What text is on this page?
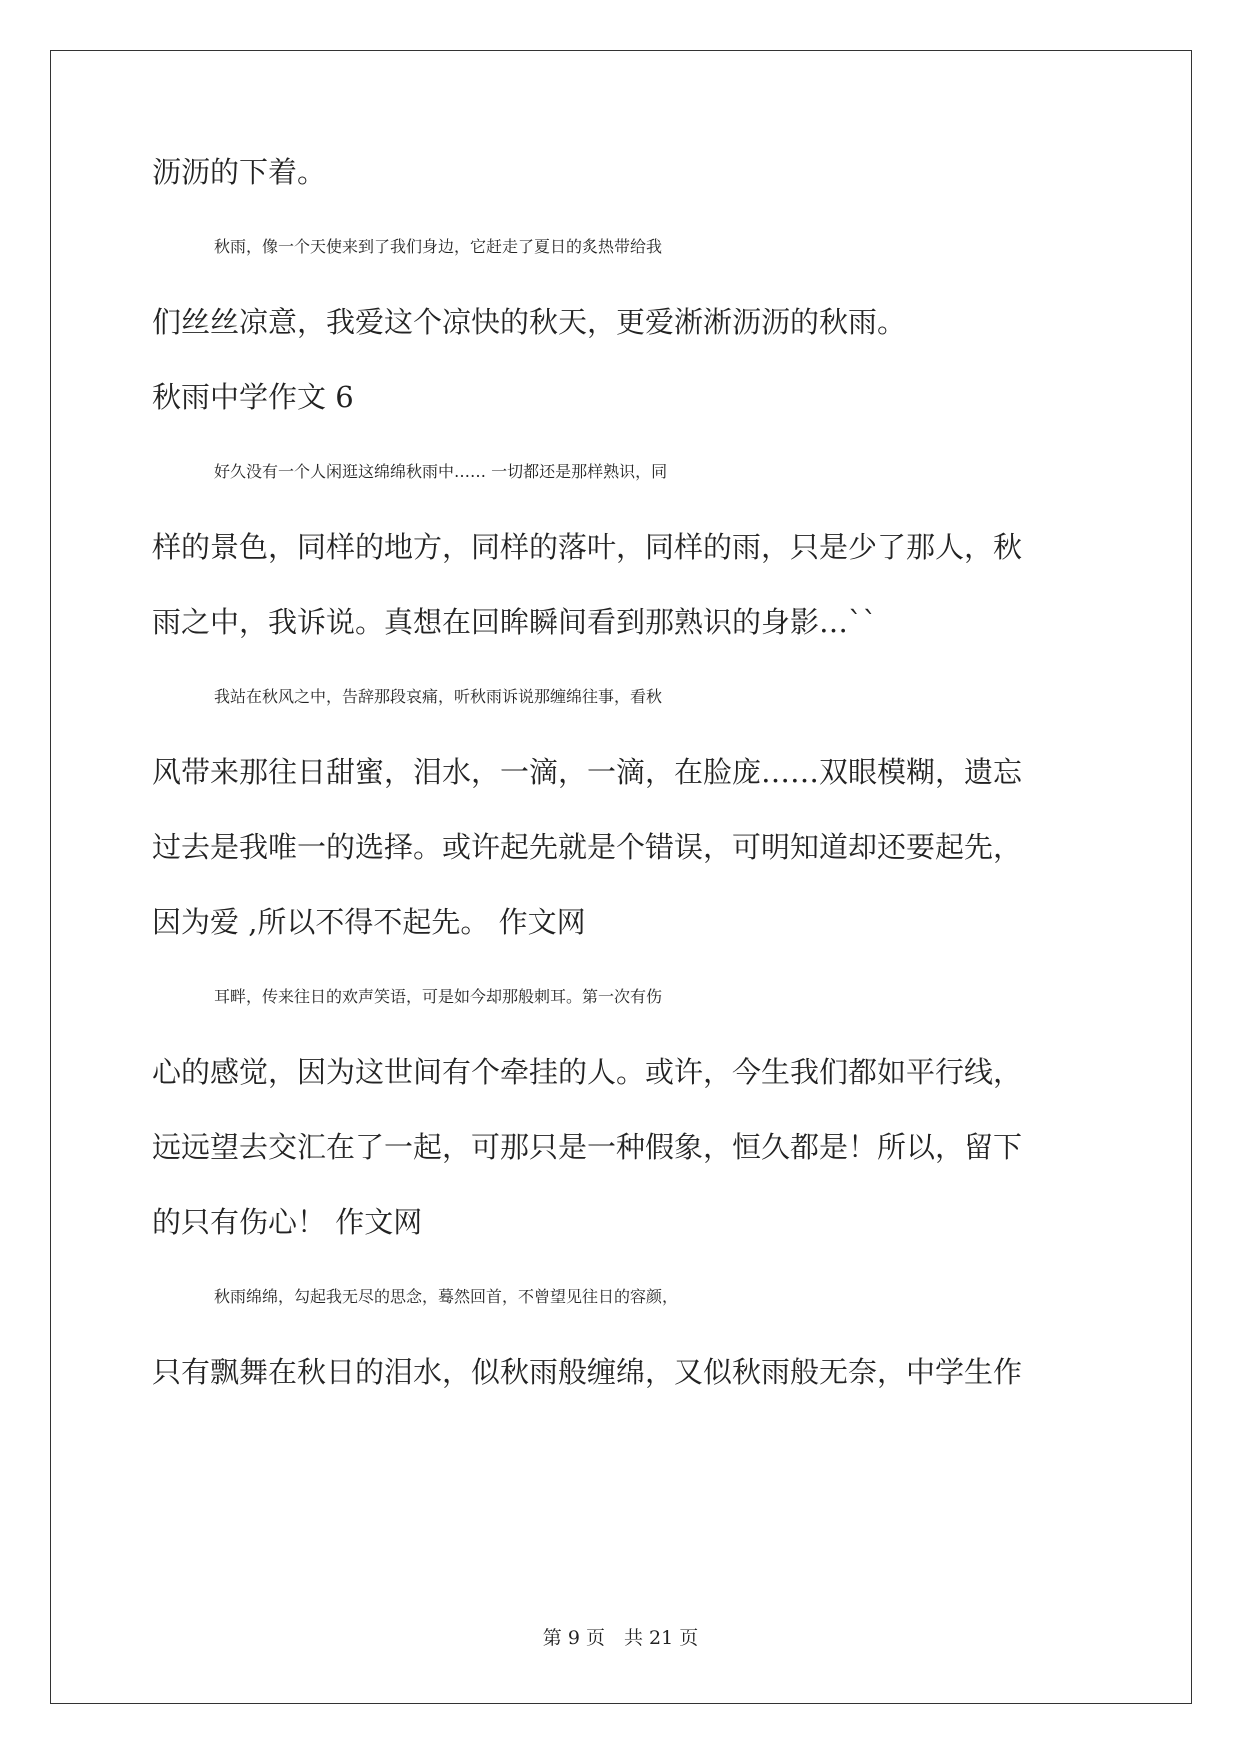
沥沥的下着。
秋雨，像一个天使来到了我们身边，它赶走了夏日的炙热带给我
们丝丝凉意，我爱这个凉快的秋天，更爱淅淅沥沥的秋雨。
秋雨中学作文 6
好久没有一个人闲逛这绵绵秋雨中…… 一切都还是那样熟识，同
样的景色，同样的地方，同样的落叶，同样的雨，只是少了那人，秋
雨之中，我诉说。真想在回眸瞬间看到那熟识的身影…``
我站在秋风之中，告辞那段哀痛，听秋雨诉说那缠绵往事，看秋
风带来那往日甜蜜，泪水，一滴，一滴，在脸庞……双眼模糊，遗忘
过去是我唯一的选择。或许起先就是个错误，可明知道却还要起先，
因为爱 ,所以不得不起先。 作文网
耳畔，传来往日的欢声笑语，可是如今却那般刺耳。第一次有伤
心的感觉，因为这世间有个牵挂的人。或许，今生我们都如平行线，
远远望去交汇在了一起，可那只是一种假象，恒久都是！所以，留下
的只有伤心！ 作文网
秋雨绵绵，勾起我无尽的思念，蓦然回首，不曾望见往日的容颜，
只有飘舞在秋日的泪水，似秋雨般缠绵，又似秋雨般无奈，中学生作
第 9 页　共 21 页
